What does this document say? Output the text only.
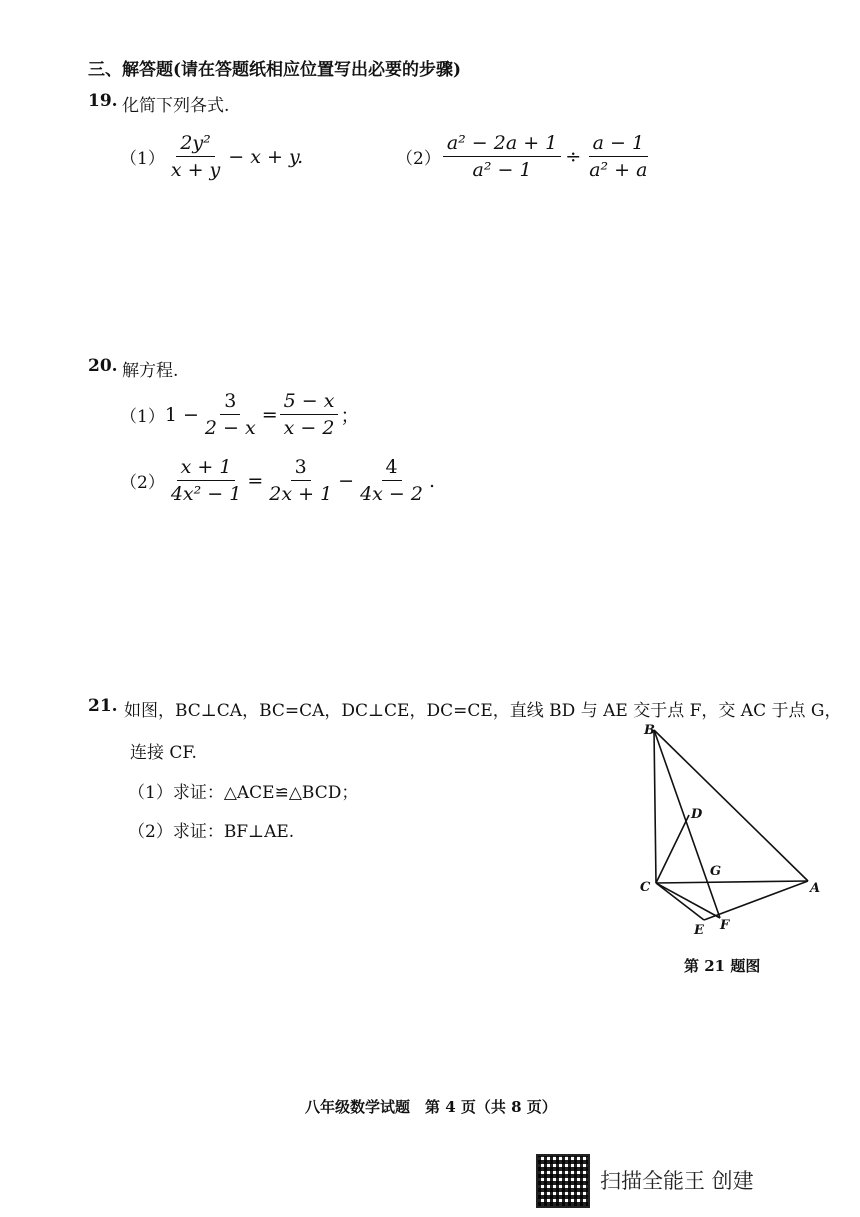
三、解答题(请在答题纸相应位置写出必要的步骤)
19. 化简下列各式.
$(1) \frac{\text{2y²}}{x + y} - x + y$.	$(2) \frac{\text{a² − 2a + 1}}{\text{a² − 1}} \div \frac{a - 1}{\text{a² + a}}$
20. 解方程.
（1） $1 - \frac{3}{2 - x} = \frac{5 - x}{x - 2}$ ；
$(2) \frac{x + 1}{\text{4x² − 1}} = \frac{3}{2x + 1} - \frac{4}{4x - 2}$ .
21. 如图，BC⊥CA，BC=CA，DC⊥CE，DC=CE，直线 BD 与 AE 交于点 F，交 AC 于点 G，
连接 CF.
（1）求证：△ACE≌△BCD；
（2）求证：BF⊥AE.
B
D
G
C	A
E F
第 21 题图
八年级数学试题　第 4 页（共 8 页）
扫描全能王 创建
